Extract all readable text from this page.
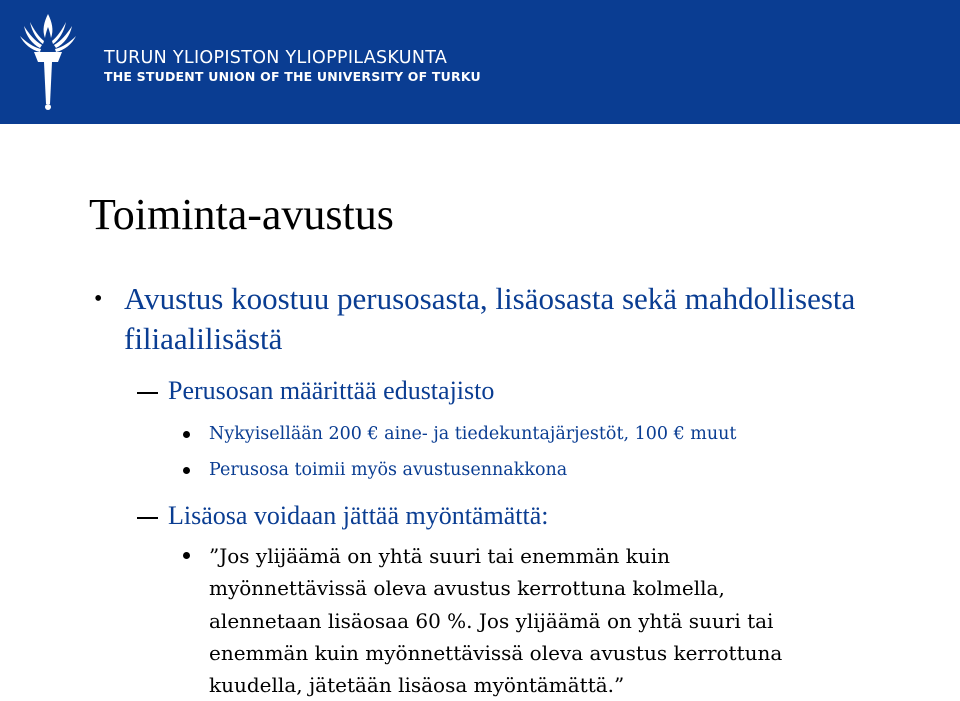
TURUN YLIOPISTON YLIOPPILASKUNTA
THE STUDENT UNION OF THE UNIVERSITY OF TURKU
Toiminta-avustus
• Avustus koostuu perusosasta, lisäosasta sekä mahdollisesta filiaalilisästä
Perusosan määrittää edustajisto
Nykyisellään 200 € aine- ja tiedekuntajärjestöt, 100 € muut
Perusosa toimii myös avustusennakkona
Lisäosa voidaan jättää myöntämättä:
”Jos ylijäämä on yhtä suuri tai enemmän kuin
myönnettävissä oleva avustus kerrottuna kolmella,
alennetaan lisäosaa 60 %. Jos ylijäämä on yhtä suuri tai
enemmän kuin myönnettävissä oleva avustus kerrottuna
kuudella, jätetään lisäosa myöntämättä.”
